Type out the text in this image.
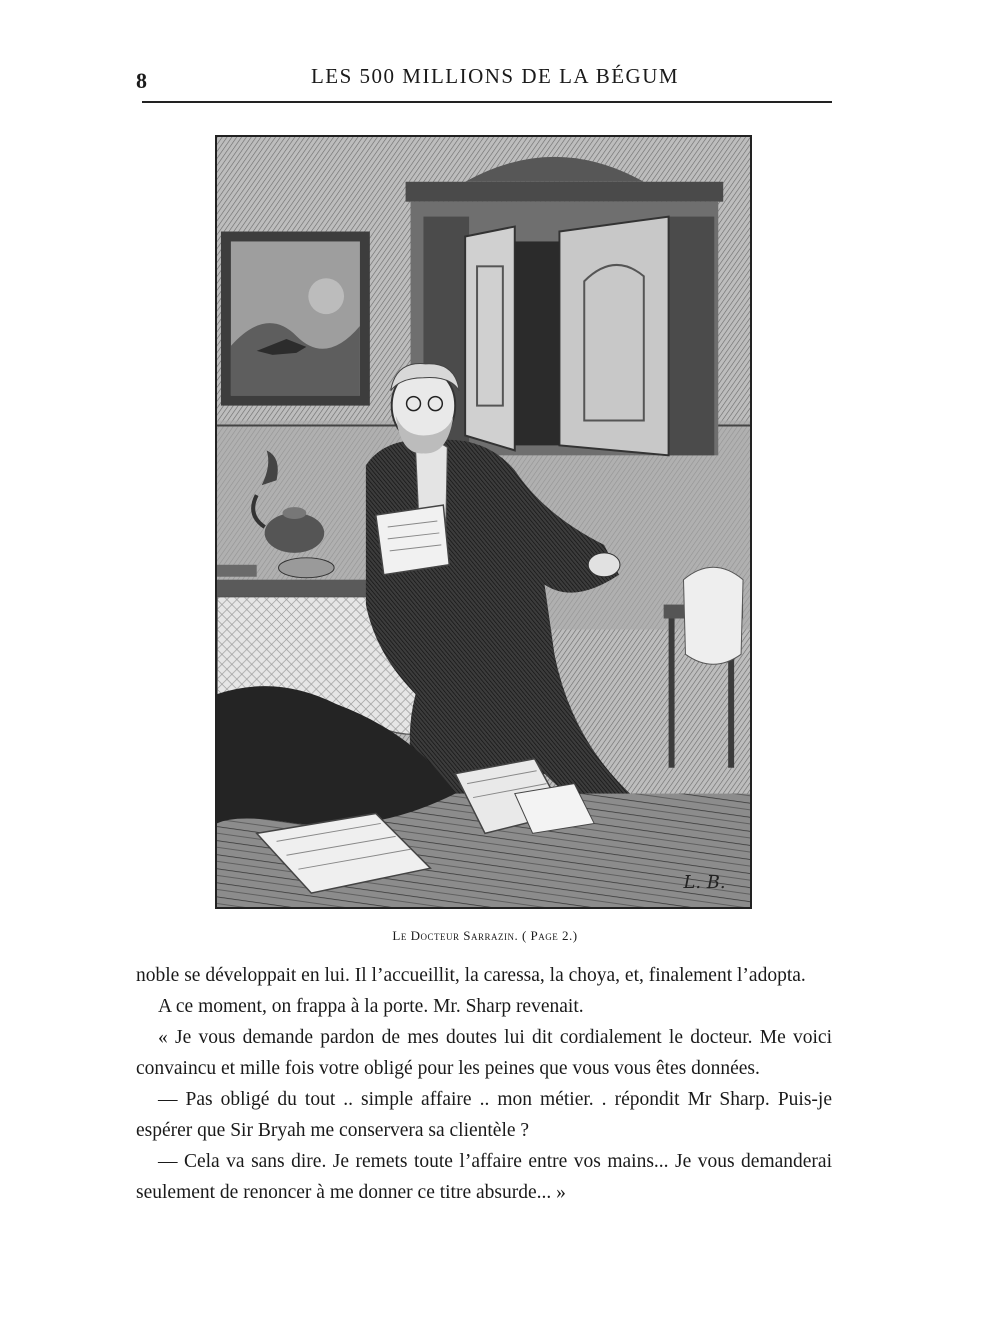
8	LES 500 MILLIONS DE LA BÉGUM
L. B.
Le Docteur Sarrazin. ( Page 2.)

noble se développait en lui. Il l’accueillit, la caressa, la choya, et, finalement l’adopta.

A ce moment, on frappa à la porte. Mr. Sharp revenait.

« Je vous demande pardon de mes doutes lui dit cordialement le docteur. Me voici convaincu et mille fois votre obligé pour les peines que vous vous êtes données.

— Pas obligé du tout .. simple affaire .. mon métier. . répondit Mr Sharp. Puis-je espérer que Sir Bryah me conservera sa clientèle ?

— Cela va sans dire. Je remets toute l’affaire entre vos mains... Je vous demanderai seulement de renoncer à me donner ce titre absurde... »
